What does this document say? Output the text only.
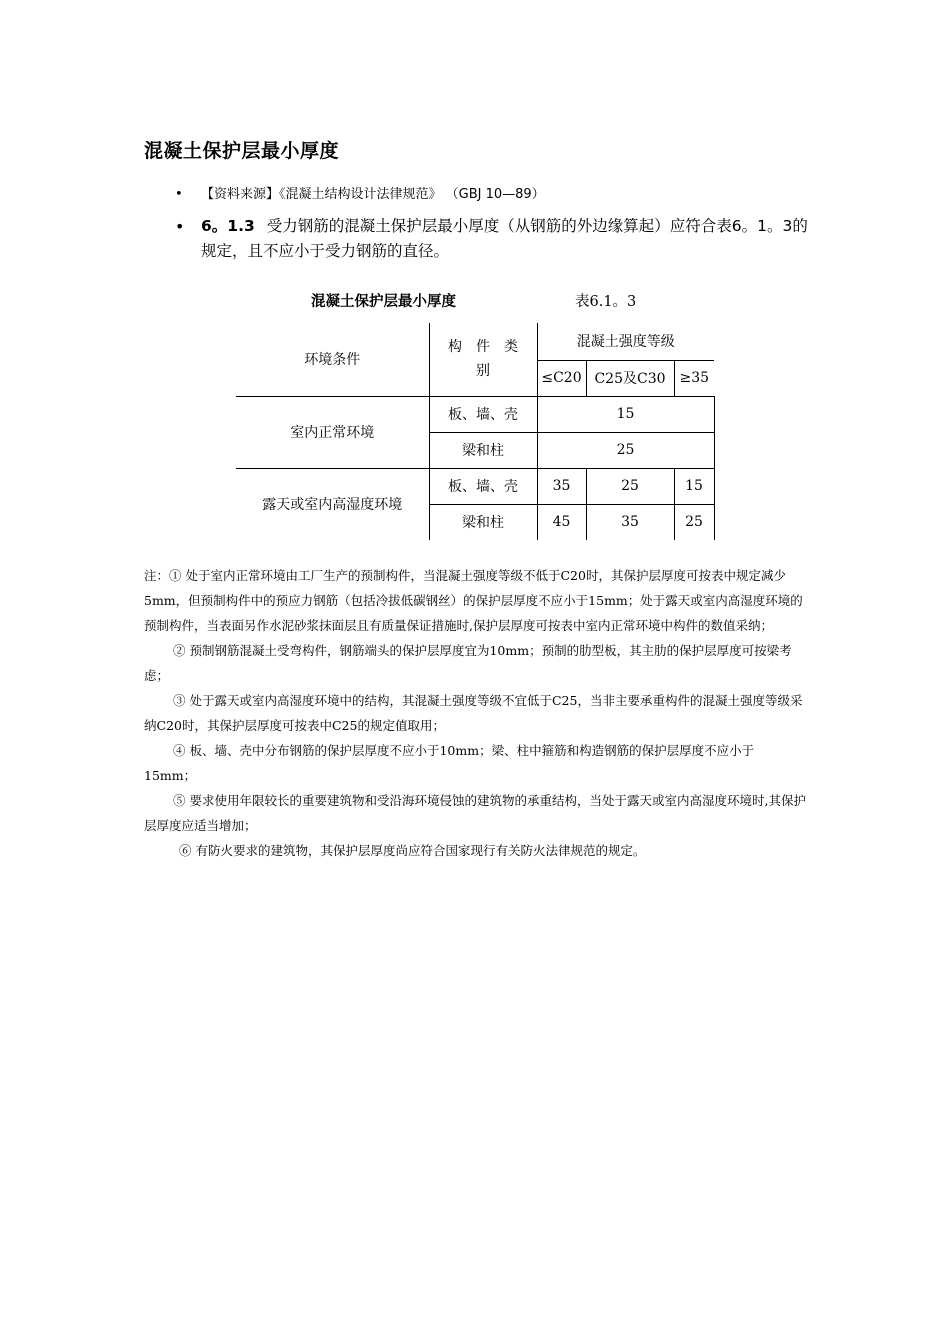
混凝土保护层最小厚度
• 【资料来源】《混凝土结构设计法律规范》 （GBJ 10—89）
• 6。1.3 受力钢筋的混凝土保护层最小厚度（从钢筋的外边缘算起）应符合表6。1。3的规定，且不应小于受力钢筋的直径。
混凝土保护层最小厚度	表6.1。3
环境条件	构　件　类　别	混凝土强度等级		
		≤C20	C25及C30	≥35
室内正常环境	板、墙、壳	15		
	梁和柱	25		
露天或室内高湿度环境	板、墙、壳	35	25	15
	梁和柱	45	35	25

注：① 处于室内正常环境由工厂生产的预制构件，当混凝土强度等级不低于C20时，其保护层厚度可按表中规定减少5mm，但预制构件中的预应力钢筋（包括冷拔低碳钢丝）的保护层厚度不应小于15mm；处于露天或室内高湿度环境的预制构件，当表面另作水泥砂浆抹面层且有质量保证措施时,保护层厚度可按表中室内正常环境中构件的数值采纳；

② 预制钢筋混凝土受弯构件，钢筋端头的保护层厚度宜为10mm；预制的肋型板，其主肋的保护层厚度可按梁考虑；

③ 处于露天或室内高湿度环境中的结构，其混凝土强度等级不宜低于C25，当非主要承重构件的混凝土强度等级采纳C20时，其保护层厚度可按表中C25的规定值取用；

④ 板、墙、壳中分布钢筋的保护层厚度不应小于10mm；梁、柱中箍筋和构造钢筋的保护层厚度不应小于15mm；

⑤ 要求使用年限较长的重要建筑物和受沿海环境侵蚀的建筑物的承重结构，当处于露天或室内高湿度环境时,其保护层厚度应适当增加；

⑥ 有防火要求的建筑物，其保护层厚度尚应符合国家现行有关防火法律规范的规定。
